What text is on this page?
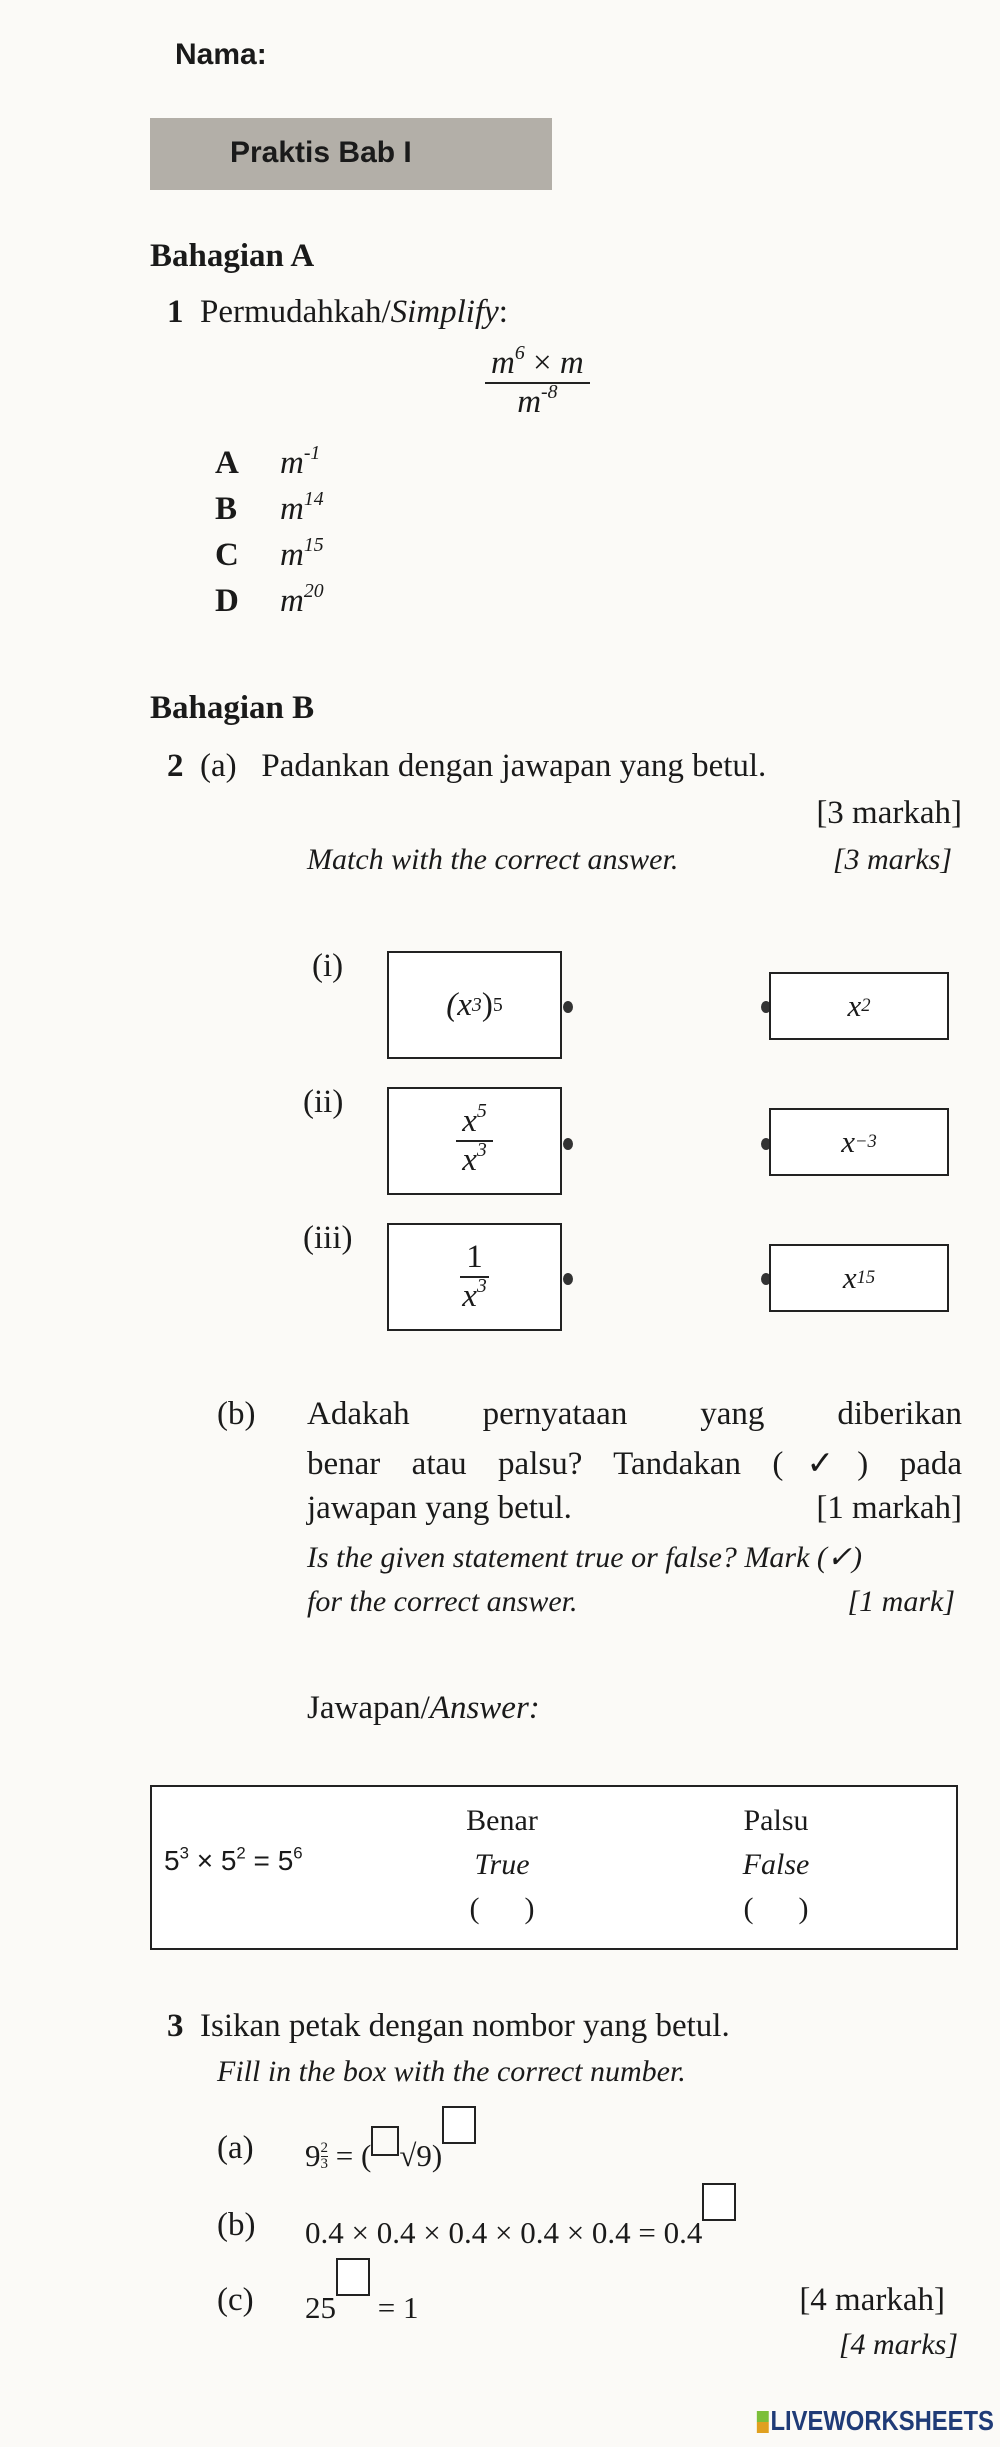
Nama:
Praktis Bab I
Bahagian A
1 Permudahkah/Simplify:
$\frac{m^6 \times m}{m^{-8}}$
A $m^{-1}$
B $m^{14}$
C $m^{15}$
D $m^{20}$
Bahagian B
2 (a) Padankan dengan jawapan yang betul.
[3 markah]
Match with the correct answer.	[3 marks]
(i)
(ii)
(iii)
(x 3 ) 5
$\frac{x^5}{x^3}$
$\frac{1}{x^3}$
x 2
x −3
x 15
(b) Adakah pernyataan yang diberikan
benar atau palsu? Tandakan (✓) pada
jawapan yang betul.	[1 markah]
Is the given statement true or false? Mark (✓)
for the correct answer.	[1 mark]
Jawapan/Answer:
$5^3 \times 5^2 = 5^6$
Benar
True
(      )
Palsu
False
(      )
3 Isikan petak dengan nombor yang betul.
Fill in the box with the correct number.
(a) $9 \frac{2}{3}$ = ( √9)
(b) 0.4 × 0.4 × 0.4 × 0.4 × 0.4 = 0.4
(c) 25 = 1	[4 markah]
[4 marks]
LIVEWORKSHEETS
